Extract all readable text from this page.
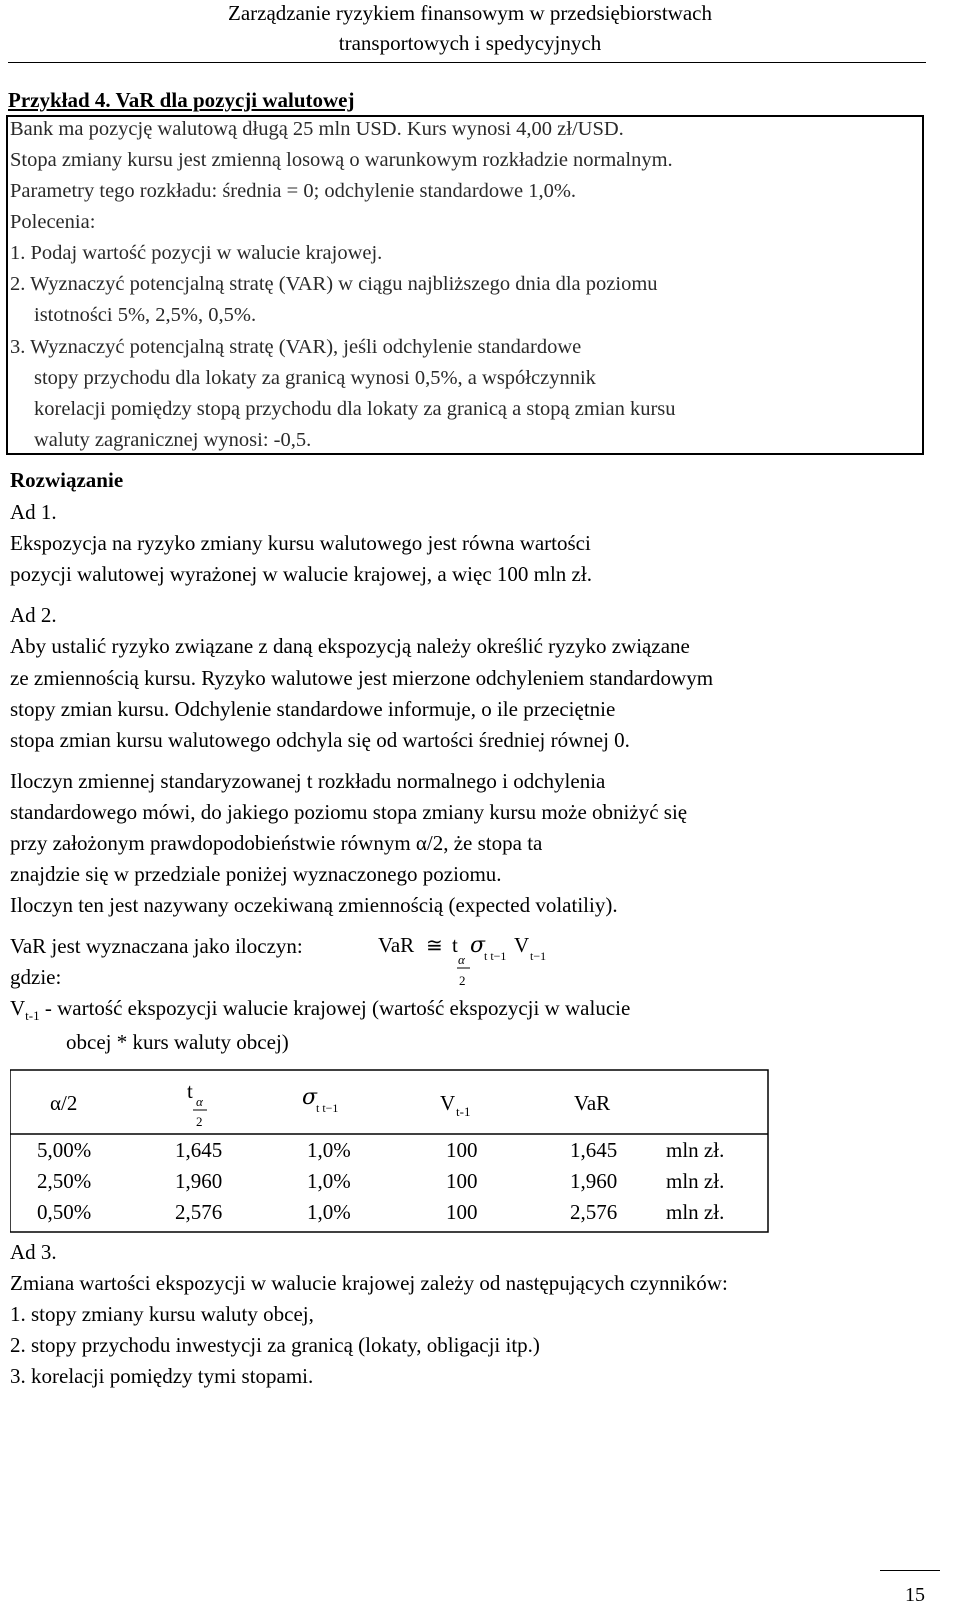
Zarządzanie ryzykiem finansowym w przedsiębiorstwach
transportowych i spedycyjnych
Przykład 4. VaR dla pozycji walutowej
Bank ma pozycję walutową długą 25 mln USD. Kurs wynosi 4,00 zł/USD.
Stopa zmiany kursu jest zmienną losową o warunkowym rozkładzie normalnym.
Parametry tego rozkładu: średnia = 0; odchylenie standardowe 1,0%.
Polecenia:
1. Podaj wartość pozycji w walucie krajowej.
2. Wyznaczyć potencjalną stratę (VAR) w ciągu najbliższego dnia dla poziomu
istotności 5%, 2,5%, 0,5%.
3. Wyznaczyć potencjalną stratę (VAR), jeśli odchylenie standardowe
stopy przychodu dla lokaty za granicą wynosi 0,5%, a współczynnik
korelacji pomiędzy stopą przychodu dla lokaty za granicą a stopą zmian kursu
waluty zagranicznej wynosi: -0,5.
Rozwiązanie
Ad 1.
Ekspozycja na ryzyko zmiany kursu walutowego jest równa wartości
pozycji walutowej wyrażonej w walucie krajowej, a więc 100 mln zł.
Ad 2.
Aby ustalić ryzyko związane z daną ekspozycją należy określić ryzyko związane
ze zmiennością kursu. Ryzyko walutowe jest mierzone odchyleniem standardowym
stopy zmian kursu. Odchylenie standardowe informuje, o ile przeciętnie
stopa zmian kursu walutowego odchyla się od wartości średniej równej 0.
Iloczyn zmiennej standaryzowanej t rozkładu normalnego i odchylenia
standardowego mówi, do jakiego poziomu stopa zmiany kursu może obniżyć się
przy założonym prawdopodobieństwie równym α/2, że stopa ta
znajdzie się w przedziale poniżej wyznaczonego poziomu.
Iloczyn ten jest nazywany oczekiwaną zmiennością (expected volatiliy).
VaR jest wyznaczana jako iloczyn:	VaR ≅ t
α
2
σ
t t−1 V t−1
gdzie:
$V_{t-1}$ - wartość ekspozycji walucie krajowej (wartość ekspozycji w walucie
obcej * kurs waluty obcej)
α/2	t α
2
σ
t t−1	V t-1	VaR
5,00%	1,645	1,0%	100	1,645 mln zł.
2,50%	1,960	1,0%	100	1,960 mln zł.
0,50%	2,576	1,0%	100	2,576 mln zł.
Ad 3.
Zmiana wartości ekspozycji w walucie krajowej zależy od następujących czynników:
1. stopy zmiany kursu waluty obcej,
2. stopy przychodu inwestycji za granicą (lokaty, obligacji itp.)
3. korelacji pomiędzy tymi stopami.
15
